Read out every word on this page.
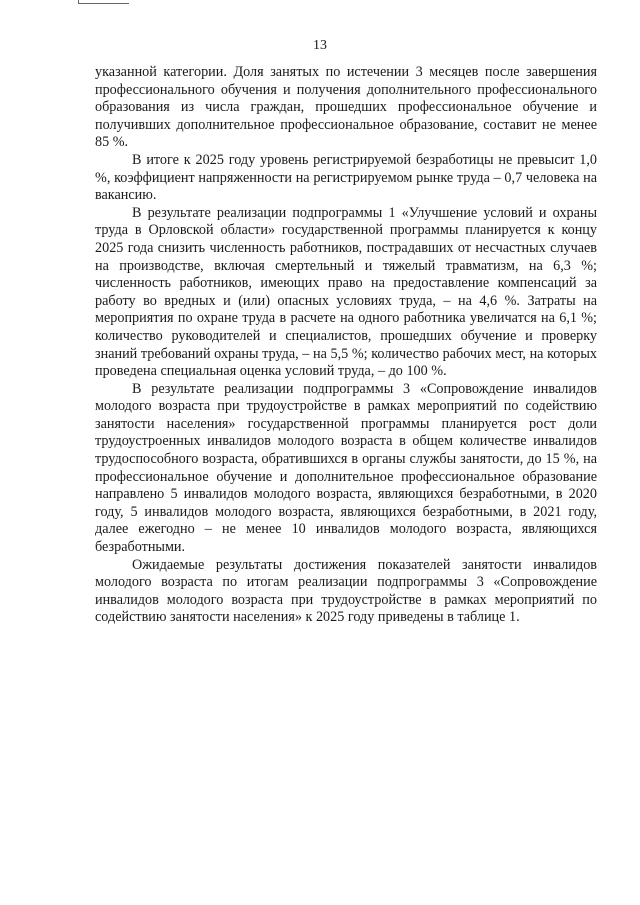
13

указанной категории. Доля занятых по истечении 3 месяцев после завершения профессионального обучения и получения дополнительного профессионального образования из числа граждан, прошедших профессиональное обучение и получивших дополнительное профессиональное образование, составит не менее 85 %.

В итоге к 2025 году уровень регистрируемой безработицы не превысит 1,0 %, коэффициент напряженности на регистрируемом рынке труда – 0,7 человека на вакансию.

В результате реализации подпрограммы 1 «Улучшение условий и охраны труда в Орловской области» государственной программы планируется к концу 2025 года снизить численность работников, пострадавших от несчастных случаев на производстве, включая смертельный и тяжелый травматизм, на 6,3 %; численность работников, имеющих право на предоставление компенсаций за работу во вредных и (или) опасных условиях труда, – на 4,6 %. Затраты на мероприятия по охране труда в расчете на одного работника увеличатся на 6,1 %; количество руководителей и специалистов, прошедших обучение и проверку знаний требований охраны труда, – на 5,5 %; количество рабочих мест, на которых проведена специальная оценка условий труда, – до 100 %.

В результате реализации подпрограммы 3 «Сопровождение инвалидов молодого возраста при трудоустройстве в рамках мероприятий по содействию занятости населения» государственной программы планируется рост доли трудоустроенных инвалидов молодого возраста в общем количестве инвалидов трудоспособного возраста, обратившихся в органы службы занятости, до 15 %, на профессиональное обучение и дополнительное профессиональное образование направлено 5 инвалидов молодого возраста, являющихся безработными, в 2020 году, 5 инвалидов молодого возраста, являющихся безработными, в 2021 году, далее ежегодно – не менее 10 инвалидов молодого возраста, являющихся безработными.

Ожидаемые результаты достижения показателей занятости инвалидов молодого возраста по итогам реализации подпрограммы 3 «Сопровождение инвалидов молодого возраста при трудоустройстве в рамках мероприятий по содействию занятости населения» к 2025 году приведены в таблице 1.
